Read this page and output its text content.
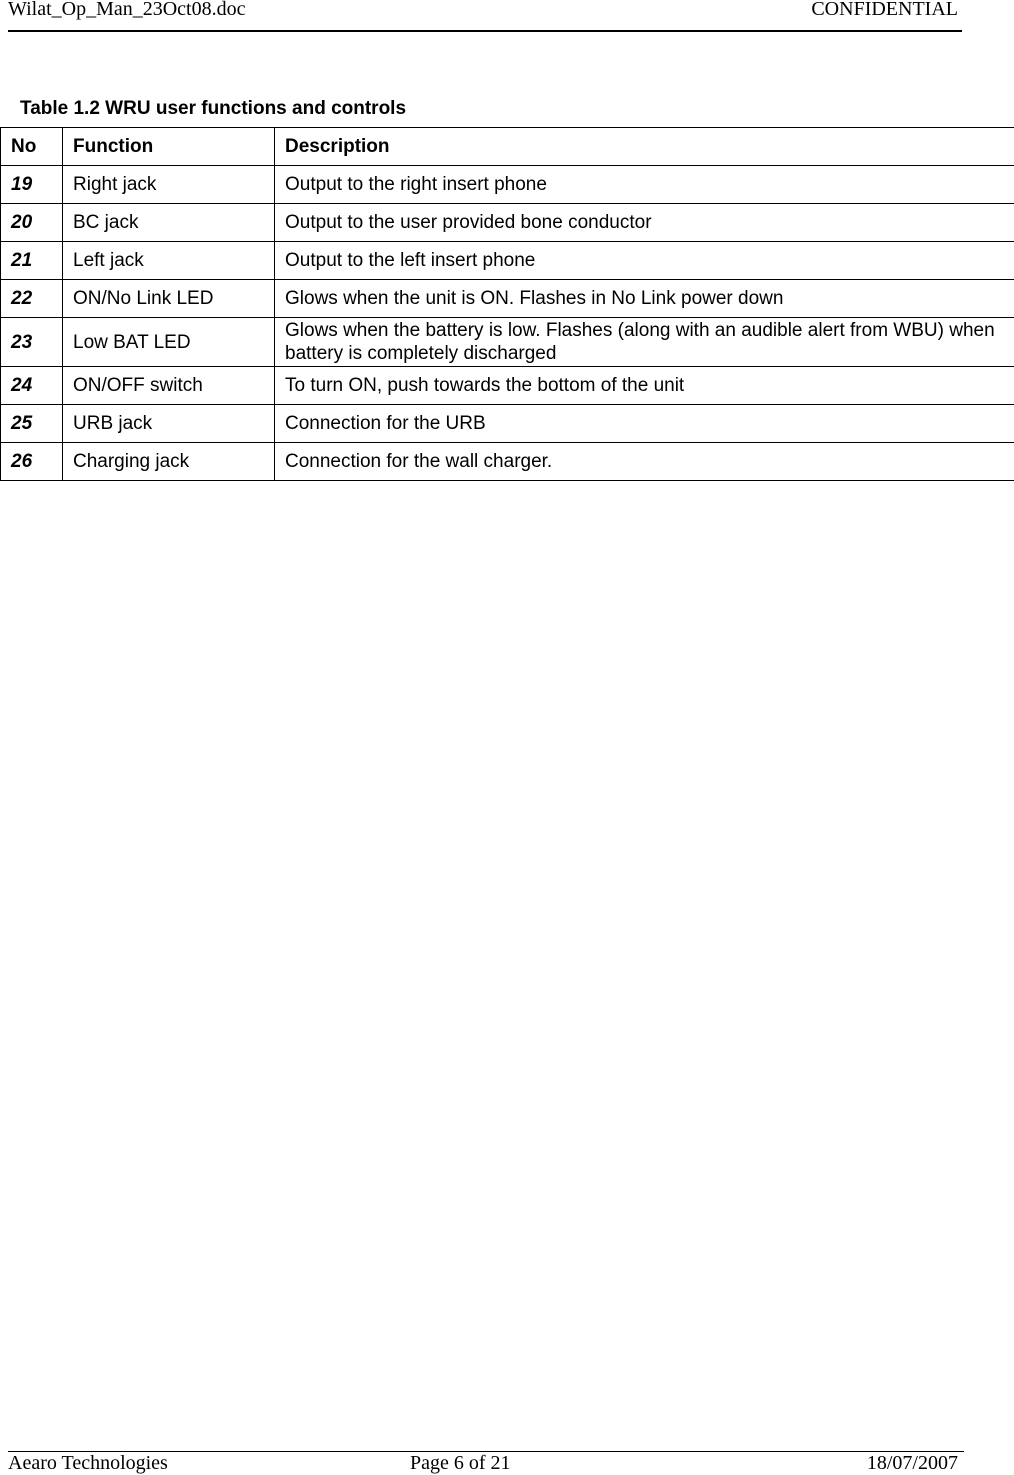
Wilat_Op_Man_23Oct08.doc	CONFIDENTIAL
Table 1.2 WRU user functions and controls
No	Function	Description
19	Right jack	Output to the right insert phone
20	BC jack	Output to the user provided bone conductor
21	Left jack	Output to the left insert phone
22	ON/No Link LED	Glows when the unit is ON. Flashes in No Link power down
23	Low BAT LED	Glows when the battery is low. Flashes (along with an audible alert from WBU) when battery is completely discharged
24	ON/OFF switch	To turn ON, push towards the bottom of the unit
25	URB jack	Connection for the URB
26	Charging jack	Connection for the wall charger.
Aearo Technologies	Page 6 of 21	18/07/2007
